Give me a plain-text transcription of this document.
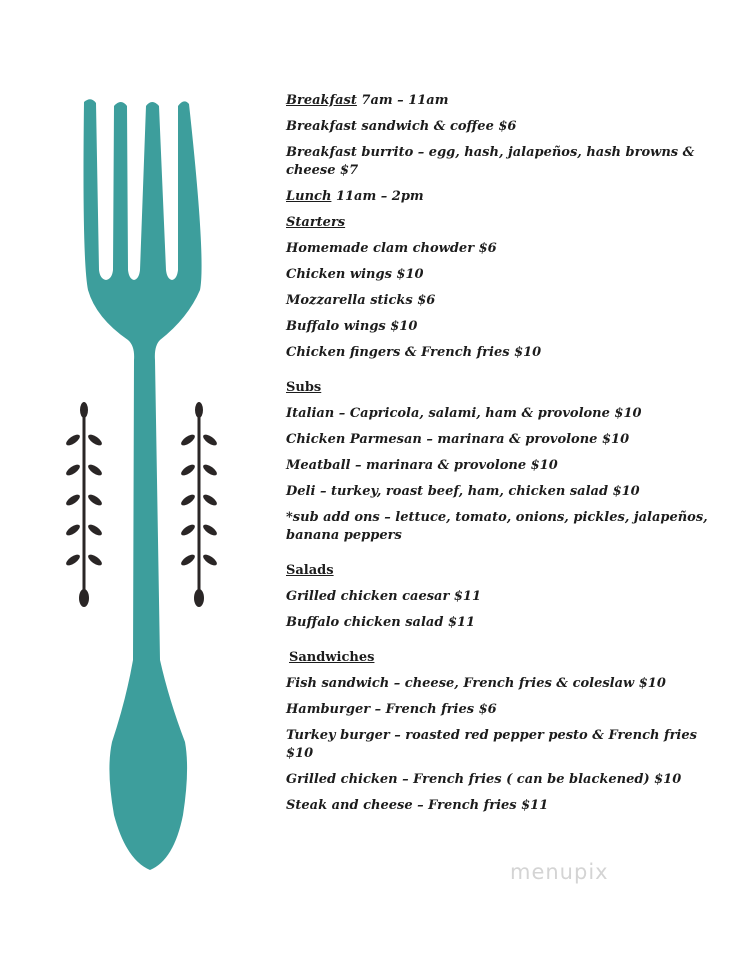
Breakfast 7am – 11am
Breakfast sandwich & coffee $6
Breakfast burrito – egg, hash, jalapeños, hash browns & cheese $7
Lunch 11am – 2pm
Starters
Homemade clam chowder $6
Chicken wings $10
Mozzarella sticks $6
Buffalo wings $10
Chicken fingers & French fries $10
Subs
Italian – Capricola, salami, ham & provolone $10
Chicken Parmesan – marinara & provolone $10
Meatball – marinara & provolone $10
Deli – turkey, roast beef, ham, chicken salad $10
*sub add ons – lettuce, tomato, onions, pickles, jalapeños, banana peppers
Salads
Grilled chicken caesar $11
Buffalo chicken salad $11
Sandwiches
Fish sandwich – cheese, French fries & coleslaw $10
Hamburger – French fries $6
Turkey burger – roasted red pepper pesto & French fries $10
Grilled chicken – French fries ( can be blackened) $10
Steak and cheese – French fries $11
menupix
